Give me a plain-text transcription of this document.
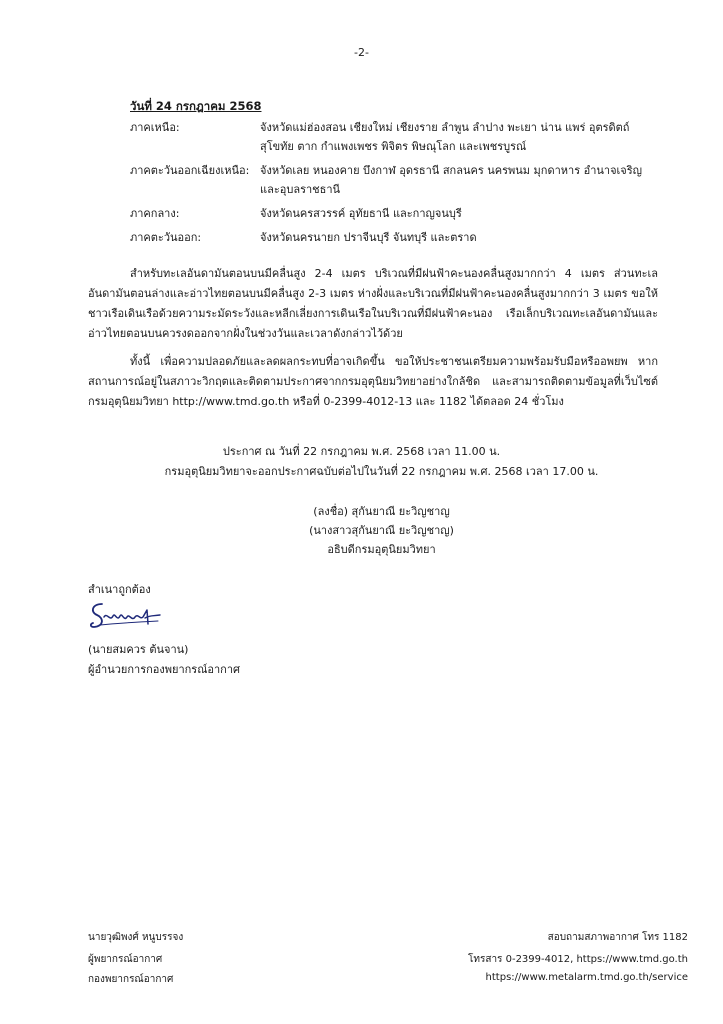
-2-
วันที่ 24 กรกฎาคม 2568
ภาคเหนือ:	จังหวัดแม่ฮ่องสอน เชียงใหม่ เชียงราย ลำพูน ลำปาง พะเยา น่าน แพร่ อุตรดิตถ์ สุโขทัย ตาก กำแพงเพชร พิจิตร พิษณุโลก และเพชรบูรณ์
ภาคตะวันออกเฉียงเหนือ: จังหวัดเลย หนองคาย บึงกาฬ อุดรธานี สกลนคร นครพนม มุกดาหาร อำนาจเจริญ และอุบลราชธานี
ภาคกลาง:	จังหวัดนครสวรรค์ อุทัยธานี และกาญจนบุรี
ภาคตะวันออก:	จังหวัดนครนายก ปราจีนบุรี จันทบุรี และตราด
สำหรับทะเลอันดามันตอนบนมีคลื่นสูง 2-4 เมตร บริเวณที่มีฝนฟ้าคะนองคลื่นสูงมากกว่า 4 เมตร ส่วนทะเลอันดามันตอนล่างและอ่าวไทยตอนบนมีคลื่นสูง 2-3 เมตร ห่างฝั่งและบริเวณที่มีฝนฟ้าคะนองคลื่นสูงมากกว่า 3 เมตร ขอให้ชาวเรือเดินเรือด้วยความระมัดระวังและหลีกเลี่ยงการเดินเรือในบริเวณที่มีฝนฟ้าคะนอง เรือเล็กบริเวณทะเลอันดามันและอ่าวไทยตอนบนควรงดออกจากฝั่งในช่วงวันและเวลาดังกล่าวไว้ด้วย
ทั้งนี้ เพื่อความปลอดภัยและลดผลกระทบที่อาจเกิดขึ้น ขอให้ประชาชนเตรียมความพร้อมรับมือหรืออพยพ หากสถานการณ์อยู่ในสภาวะวิกฤตและติดตามประกาศจากกรมอุตุนิยมวิทยาอย่างใกล้ชิด และสามารถติดตามข้อมูลที่เว็บไซต์กรมอุตุนิยมวิทยา http://www.tmd.go.th หรือที่ 0-2399-4012-13 และ 1182 ได้ตลอด 24 ชั่วโมง
ประกาศ ณ วันที่ 22 กรกฎาคม พ.ศ. 2568 เวลา 11.00 น.
กรมอุตุนิยมวิทยาจะออกประกาศฉบับต่อไปในวันที่ 22 กรกฎาคม พ.ศ. 2568 เวลา 17.00 น.
(ลงชื่อ) สุกันยาณี ยะวิญชาญ
(นางสาวสุกันยาณี ยะวิญชาญ)
อธิบดีกรมอุตุนิยมวิทยา
สำเนาถูกต้อง
(นายสมควร ต้นจาน)
ผู้อำนวยการกองพยากรณ์อากาศ
นายวุฒิพงศ์ หนูบรรจง
ผู้พยากรณ์อากาศ
กองพยากรณ์อากาศ
สอบถามสภาพอากาศ โทร 1182
โทรสาร 0-2399-4012, https://www.tmd.go.th
https://www.metalarm.tmd.go.th/service
